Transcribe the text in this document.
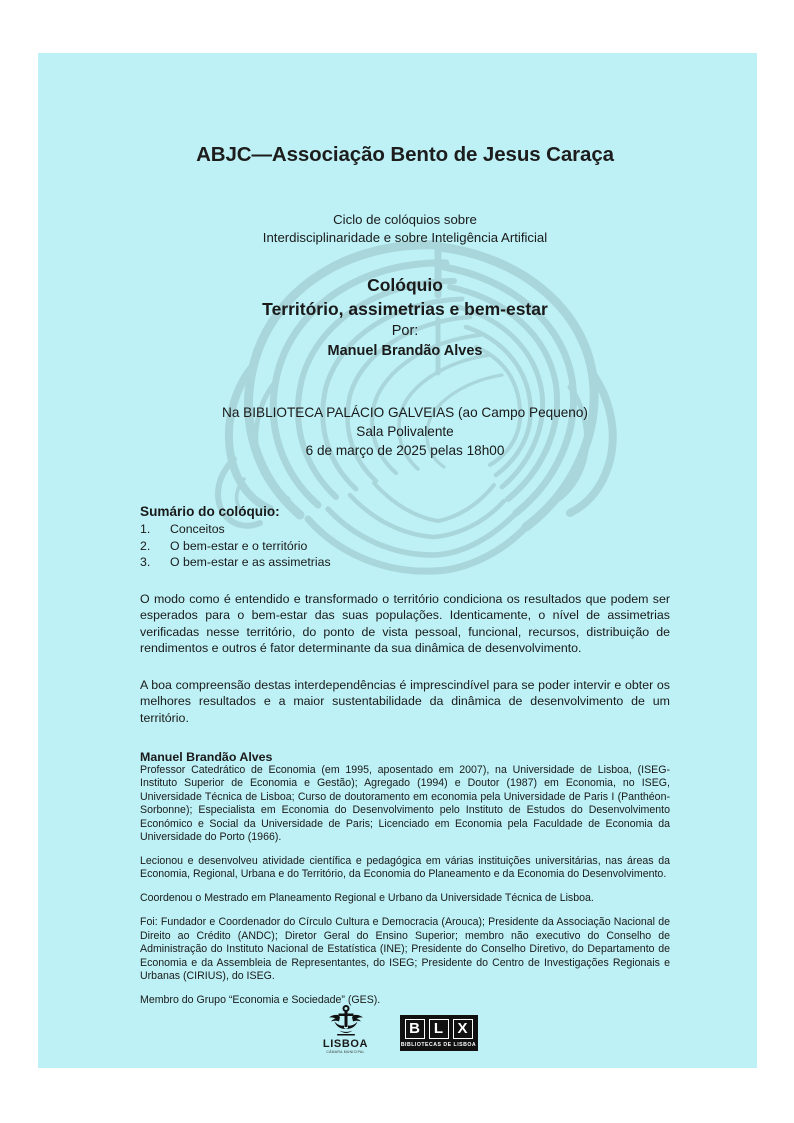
ABJC—Associação Bento de Jesus Caraça
Ciclo de colóquios sobre
Interdisciplinaridade e sobre Inteligência Artificial
Colóquio
Território, assimetrias e bem-estar
Por:
Manuel Brandão Alves
Na BIBLIOTECA PALÁCIO GALVEIAS (ao Campo Pequeno)
Sala Polivalente
6 de março de 2025 pelas 18h00
Sumário do colóquio:
1.	Conceitos
2.	O bem-estar e o território
3.	O bem-estar e as assimetrias

O modo como é entendido e transformado o território condiciona os resultados que podem ser esperados para o bem-estar das suas populações. Identicamente, o nível de assimetrias verificadas nesse território, do ponto de vista pessoal, funcional, recursos, distribuição de rendimentos e outros é fator determinante da sua dinâmica de desenvolvimento.

A boa compreensão destas interdependências é imprescindível para se poder intervir e obter os melhores resultados e a maior sustentabilidade da dinâmica de desenvolvimento de um território.

Manuel Brandão Alves

Professor Catedrático de Economia (em 1995, aposentado em 2007), na Universidade de Lisboa, (ISEG-Instituto Superior de Economia e Gestão); Agregado (1994) e Doutor (1987) em Economia, no ISEG, Universidade Técnica de Lisboa; Curso de doutoramento em economia pela Universidade de Paris I (Panthéon-Sorbonne); Especialista em Economia do Desenvolvimento pelo Instituto de Estudos do Desenvolvimento Económico e Social da Universidade de Paris; Licenciado em Economia pela Faculdade de Economia da Universidade do Porto (1966).

Lecionou e desenvolveu atividade científica e pedagógica em várias instituições universitárias, nas áreas da Economia, Regional, Urbana e do Território, da Economia do Planeamento e da Economia do Desenvolvimento.

Coordenou o Mestrado em Planeamento Regional e Urbano da Universidade Técnica de Lisboa.

Foi: Fundador e Coordenador do Círculo Cultura e Democracia (Arouca); Presidente da Associação Nacional de Direito ao Crédito (ANDC); Diretor Geral do Ensino Superior; membro não executivo do Conselho de Administração do Instituto Nacional de Estatística (INE); Presidente do Conselho Diretivo, do Departamento de Economia e da Assembleia de Representantes, do ISEG; Presidente do Centro de Investigações Regionais e Urbanas (CIRIUS), do ISEG.

Membro do Grupo “Economia e Sociedade” (GES).

LISBOA
CÂMARA MUNICIPAL
B L X
BIBLIOTECAS DE LISBOA
